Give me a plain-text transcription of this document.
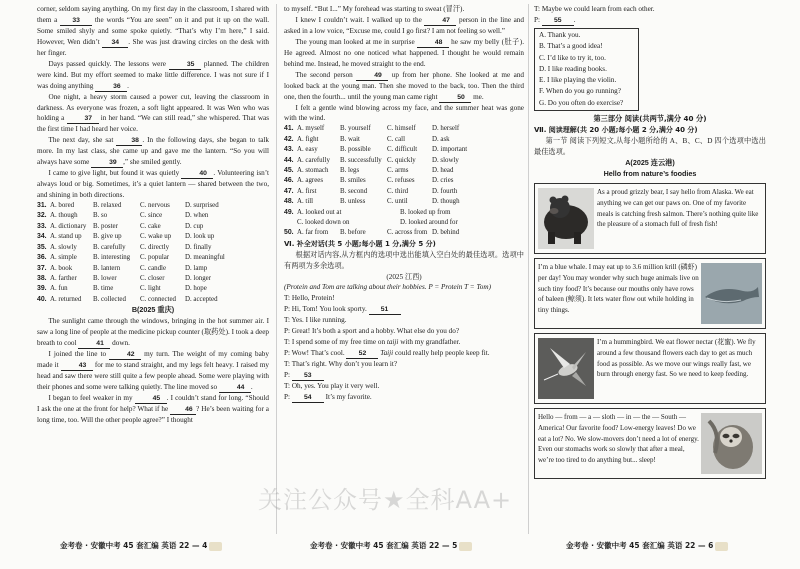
corner, seldom saying anything. On my first day in the classroom, I shared with them a 33 the words “You are seen” on it and put it up on the wall. Some smiled shyly and some spoke quietly. “That’s why I’m here,” I said. However, Wen didn’t 34 . She was just drawing circles on the desk with her finger.

Days passed quickly. The lessons were	35 planned. The children were kind. But my effort seemed to make little difference. I was not sure if I was doing anything	36 .

One night, a heavy storm caused a power cut, leaving the classroom in darkness. As everyone was frozen, a soft light appeared. It was Wen who was holding a	37 in her hand. “We can still read,” she whispered. That was the first time I had heard her voice.

The next day, she sat 38 . In the following days, she began to talk more. In my last class, she came up and gave me the lantern. “So you will always have some	39 ,” she smiled gently.

I came to give light, but found it was quietly	40 . Volunteering isn’t always loud or big. Sometimes, it’s a quiet lantern — shared between the two, and shining in both directions.

31. A. bored	B. relaxed	C. nervous	D. surprised
32. A. though	B. so	C. since	D. when
33. A. dictionary B. poster	C. cake	D. cup
34. A. stand up	B. give up	C. wake up	D. look up
35. A. slowly	B. carefully	C. directly	D. finally
36. A. simple	B. interesting	C. popular	D. meaningful
37. A. book	B. lantern	C. candle	D. lamp
38. A. farther	B. lower	C. closer	D. longer
39. A. fun	B. time	C. light	D. hope
40. A. returned	B. collected	C. connected	D. accepted
B(2025 重庆)

The sunlight came through the windows, bringing in the hot summer air. I saw a long line of people at the medicine pickup counter (取药处). I took a deep breath to cool	41 down.

I joined the line to	42 my turn. The weight of my coming baby made it	43 for me to stand straight, and my legs felt heavy. I raised my head and saw there were still quite a few people ahead. Some were playing with their phones and some were talking quietly. The line moved so	44 .

I began to feel weaker in my	45 . I couldn’t stand for long. “Should I ask the one at the front for help? What if he 46 ? He’s been waiting for a long time, too. Will the other people agree?” I thought

to myself. “But I...” My forehead was starting to sweat (冒汗).

I knew I couldn’t wait. I walked up to the	47 person in the line and asked in a low voice, “Excuse me, could I go first? I am not feeling so well.”

The young man looked at me in surprise	48 he saw my belly (肚子). He agreed. Almost no one noticed what happened. I thought he would remain behind me. Instead, he moved straight to the end.

The second person	49 up from her phone. She looked at me and looked back at the young man. Then she moved to the back, too. Then the third one, then the fourth... until the young man came right	50 me.

I felt a gentle wind blowing across my face, and the summer heat was gone with the wind.

41. A. myself	B. yourself	C. himself	D. herself
42. A. fight	B. wait	C. call	D. ask
43. A. easy	B. possible	C. difficult	D. important
44. A. carefully	B. successfully C. quickly	D. slowly
45. A. stomach	B. legs	C. arms	D. head
46. A. agrees	B. smiles	C. refuses	D. cries
47. A. first	B. second	C. third	D. fourth
48. A. till	B. unless	C. until	D. though
49. A. looked out at	B. looked up from
C. looked down on	D. looked around for
50. A. far from	B. before	C. across from D. behind
Ⅵ. 补全对话(共 5 小题;每小题 1 分,满分 5 分)

根据对话内容,从方框内的选项中选出能填入空白处的最佳选项。选项中有两项为多余选项。

(2025 江西)
(Protein and Tom are talking about their hobbies. P = Protein T = Tom)
T: Hello, Protein!
P: Hi, Tom! You look sporty. 51
T: Yes. I like running.
P: Great! It’s both a sport and a hobby. What else do you do?
T: I spend some of my free time on taiji with my grandfather.
P: Wow! That’s cool. 52 Taiji could really help people keep fit.
T: That’s right. Why don’t you learn it?
P: 53
T: Oh, yes. You play it very well.
P: 54 It’s my favorite.
T: Maybe we could learn from each other.
P: 55 .
A. Thank you.
B. That’s a good idea!
C. I’d like to try it, too.
D. I like reading books.
E. I like playing the violin.
F. When do you go running?
G. Do you often do exercise?
第三部分 阅读(共两节,满分 40 分)
Ⅶ. 阅读理解(共 20 小题;每小题 2 分,满分 40 分)

第一节 阅读下列短文,从每小题所给的 A、B、C、D 四个选项中选出最佳选项。

A(2025 连云港)
Hello from nature’s foodies
As a proud grizzly bear, I say hello from Alaska. We eat anything we can get our paws on. One of my favorite meals is catching fresh salmon. There’s nothing quite like the pleasure of a stomach full of fresh fish!
I’m a blue whale. I may eat up to 3.6 million krill (磷虾) per day! You may wonder why such huge animals live on such tiny food? It’s because our mouths only have rows of baleen (鲸须). It lets water flow out while holding in tiny things.
I’m a hummingbird. We eat flower nectar (花蜜). We fly around a few thousand flowers each day to get as much food as possible. As we move our wings really fast, we burn through energy fast. So we need to keep feeding.
Hello — from — a — sloth — in — the — South — America! Our favorite food? Low-energy leaves! Do we eat a lot? No. We slow-movers don’t need a lot of energy. Even our stomachs work so slowly that after a meal, we’re too tired to do anything but... sleep!
金考卷 · 安徽中考 45 套汇编 英语 22 — 4	金考卷 · 安徽中考 45 套汇编 英语 22 — 5	金考卷 · 安徽中考 45 套汇编 英语 22 — 6
关注公众号★全科AA+
